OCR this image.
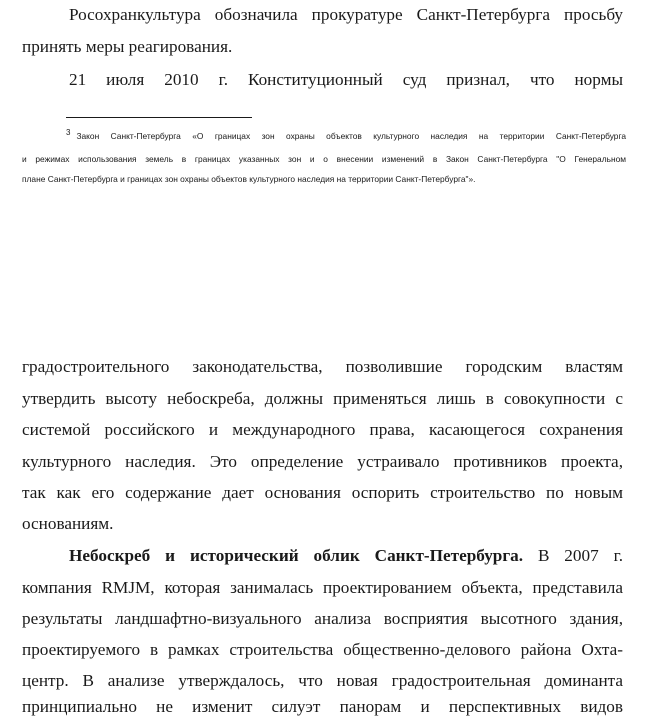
Росохранкультура обозначила прокуратуре Санкт-Петербурга просьбу
принять меры реагирования.
21 июля 2010 г. Конституционный суд признал, что нормы
3 Закон Санкт-Петербурга «О границах зон охраны объектов культурного наследия на территории Санкт-Петербурга
и режимах использования земель в границах указанных зон и о внесении изменений в Закон Санкт-Петербурга "О Генеральном
плане Санкт-Петербурга и границах зон охраны объектов культурного наследия на территории Санкт-Петербурга"».
градостроительного законодательства, позволившие городским властям
утвердить высоту небоскреба, должны применяться лишь в совокупности с
системой российского и международного права, касающегося сохранения
культурного наследия. Это определение устраивало противников проекта,
так как его содержание дает основания оспорить строительство по новым
основаниям.
Небоскреб и исторический облик Санкт-Петербурга. В 2007 г.
компания RMJM, которая занималась проектированием объекта, представила
результаты ландшафтно-визуального анализа восприятия высотного здания,
проектируемого в рамках строительства общественно-делового района Охта-
центр. В анализе утверждалось, что новая градостроительная доминанта
принципиально не изменит силуэт панорам и перспективных видов
